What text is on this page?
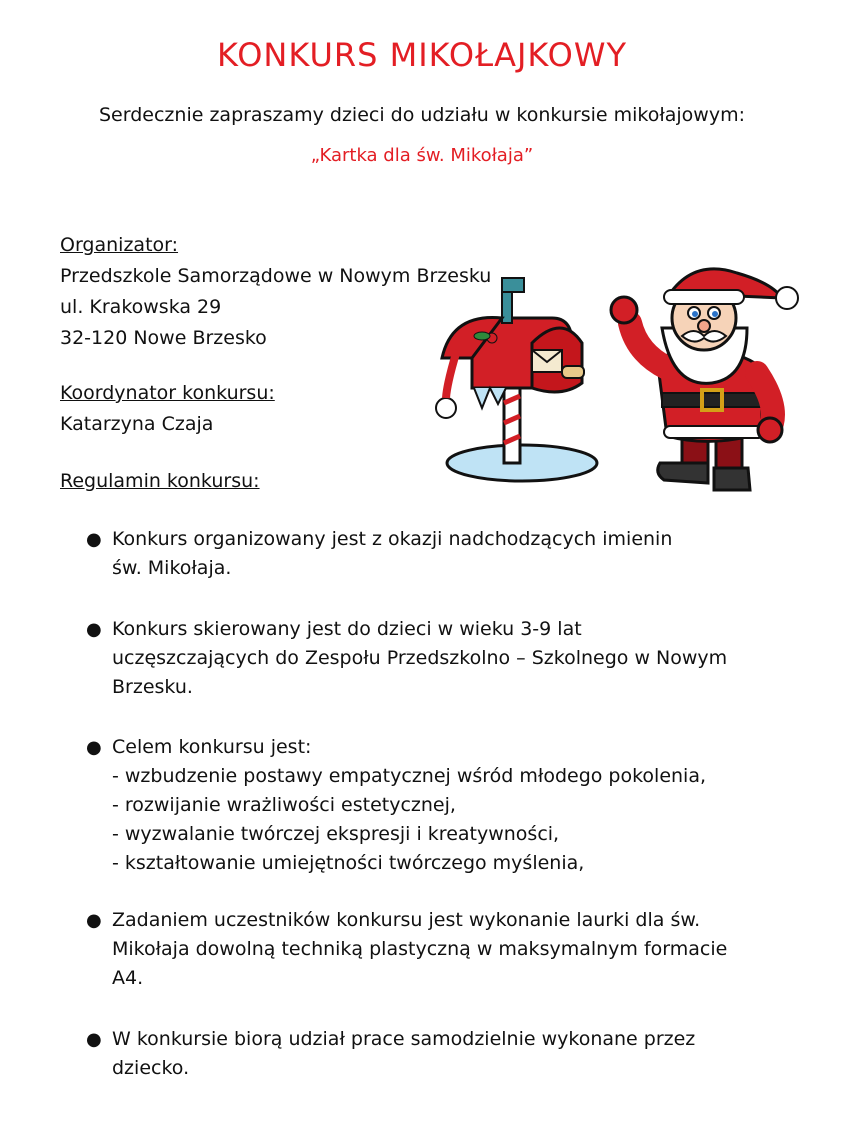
KONKURS MIKOŁAJKOWY
Serdecznie zapraszamy dzieci do udziału w konkursie mikołajowym:
„Kartka dla św. Mikołaja”
Organizator:
Przedszkole Samorządowe w Nowym Brzesku
ul. Krakowska 29
32-120 Nowe Brzesko
Koordynator konkursu:
Katarzyna Czaja
Regulamin konkursu:
● Konkurs organizowany jest z okazji nadchodzących imienin
św. Mikołaja.
● Konkurs skierowany jest do dzieci w wieku 3-9 lat
uczęszczających do Zespołu Przedszkolno – Szkolnego w Nowym
Brzesku.
● Celem konkursu jest:
- wzbudzenie postawy empatycznej wśród młodego pokolenia,
- rozwijanie wrażliwości estetycznej,
- wyzwalanie twórczej ekspresji i kreatywności,
- kształtowanie umiejętności twórczego myślenia,
● Zadaniem uczestników konkursu jest wykonanie laurki dla św.
Mikołaja dowolną techniką plastyczną w maksymalnym formacie
A4.
● W konkursie biorą udział prace samodzielnie wykonane przez
dziecko.
